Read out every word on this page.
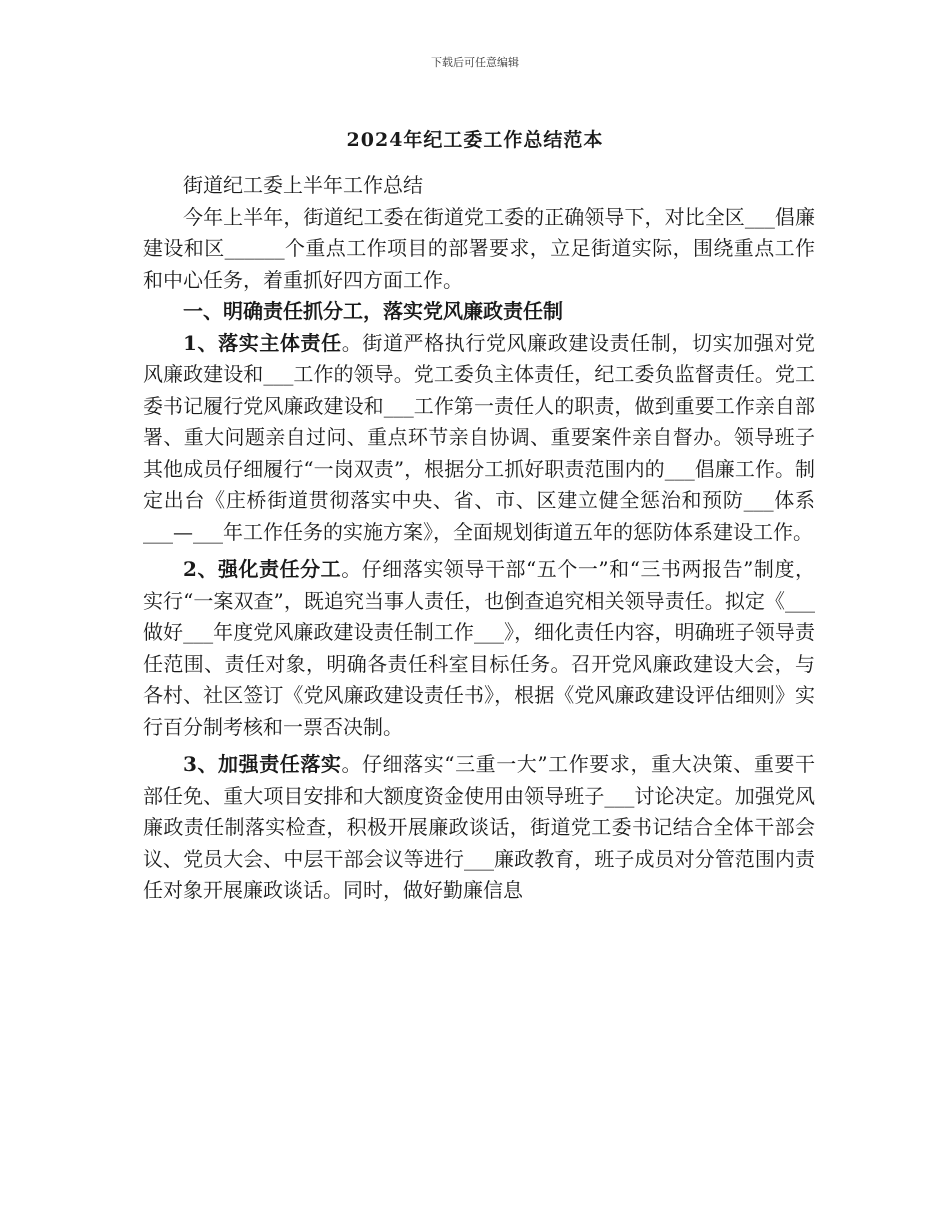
下载后可任意编辑
2024年纪工委工作总结范本

街道纪工委上半年工作总结

今年上半年，街道纪工委在街道党工委的正确领导下，对比全区___倡廉建设和区______个重点工作项目的部署要求，立足街道实际，围绕重点工作和中心任务，着重抓好四方面工作。

一、明确责任抓分工，落实党风廉政责任制

1、落实主体责任。街道严格执行党风廉政建设责任制，切实加强对党风廉政建设和___工作的领导。党工委负主体责任，纪工委负监督责任。党工委书记履行党风廉政建设和___工作第一责任人的职责，做到重要工作亲自部署、重大问题亲自过问、重点环节亲自协调、重要案件亲自督办。领导班子其他成员仔细履行“一岗双责”，根据分工抓好职责范围内的___倡廉工作。制定出台《庄桥街道贯彻落实中央、省、市、区建立健全惩治和预防___体系___—___年工作任务的实施方案》，全面规划街道五年的惩防体系建设工作。

2、强化责任分工。仔细落实领导干部“五个一”和“三书两报告”制度，实行“一案双查”，既追究当事人责任，也倒查追究相关领导责任。拟定《___做好___年度党风廉政建设责任制工作___》，细化责任内容，明确班子领导责任范围、责任对象，明确各责任科室目标任务。召开党风廉政建设大会，与各村、社区签订《党风廉政建设责任书》，根据《党风廉政建设评估细则》实行百分制考核和一票否决制。

3、加强责任落实。仔细落实“三重一大”工作要求，重大决策、重要干部任免、重大项目安排和大额度资金使用由领导班子___讨论决定。加强党风廉政责任制落实检查，积极开展廉政谈话，街道党工委书记结合全体干部会议、党员大会、中层干部会议等进行___廉政教育，班子成员对分管范围内责任对象开展廉政谈话。同时，做好勤廉信息
